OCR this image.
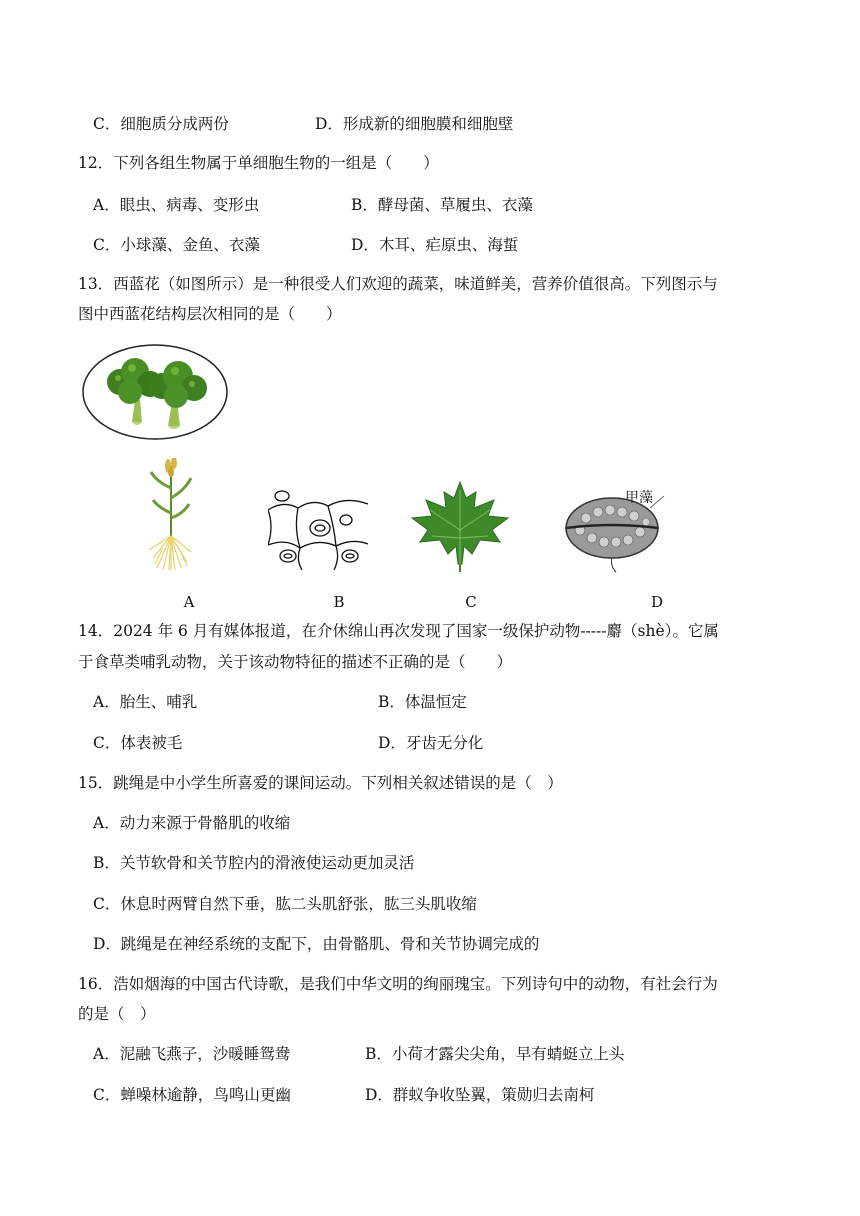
C．细胞质分成两份	D．形成新的细胞膜和细胞壁
12．下列各组生物属于单细胞生物的一组是（　　）
A．眼虫、病毒、变形虫	B．酵母菌、草履虫、衣藻
C．小球藻、金鱼、衣藻	D．木耳、疟原虫、海蜇
13．西蓝花（如图所示）是一种很受人们欢迎的蔬菜，味道鲜美，营养价值很高。下列图示与
图中西蓝花结构层次相同的是（　　）
甲藻
A	B	C	D
14．2024 年 6 月有媒体报道，在介休绵山再次发现了国家一级保护动物-----麝（shè）。它属
于食草类哺乳动物，关于该动物特征的描述不正确的是（　　）
A．胎生、哺乳	B．体温恒定
C．体表被毛	D．牙齿无分化
15．跳绳是中小学生所喜爱的课间运动。下列相关叙述错误的是（　）
A．动力来源于骨骼肌的收缩
B．关节软骨和关节腔内的滑液使运动更加灵活
C．休息时两臂自然下垂，肱二头肌舒张，肱三头肌收缩
D．跳绳是在神经系统的支配下，由骨骼肌、骨和关节协调完成的
16．浩如烟海的中国古代诗歌，是我们中华文明的绚丽瑰宝。下列诗句中的动物，有社会行为
的是（　）
A．泥融飞燕子，沙暖睡鸳鸯	B．小荷才露尖尖角，早有蜻蜓立上头
C．蝉噪林逾静，鸟鸣山更幽	D．群蚁争收坠翼，策勋归去南柯
